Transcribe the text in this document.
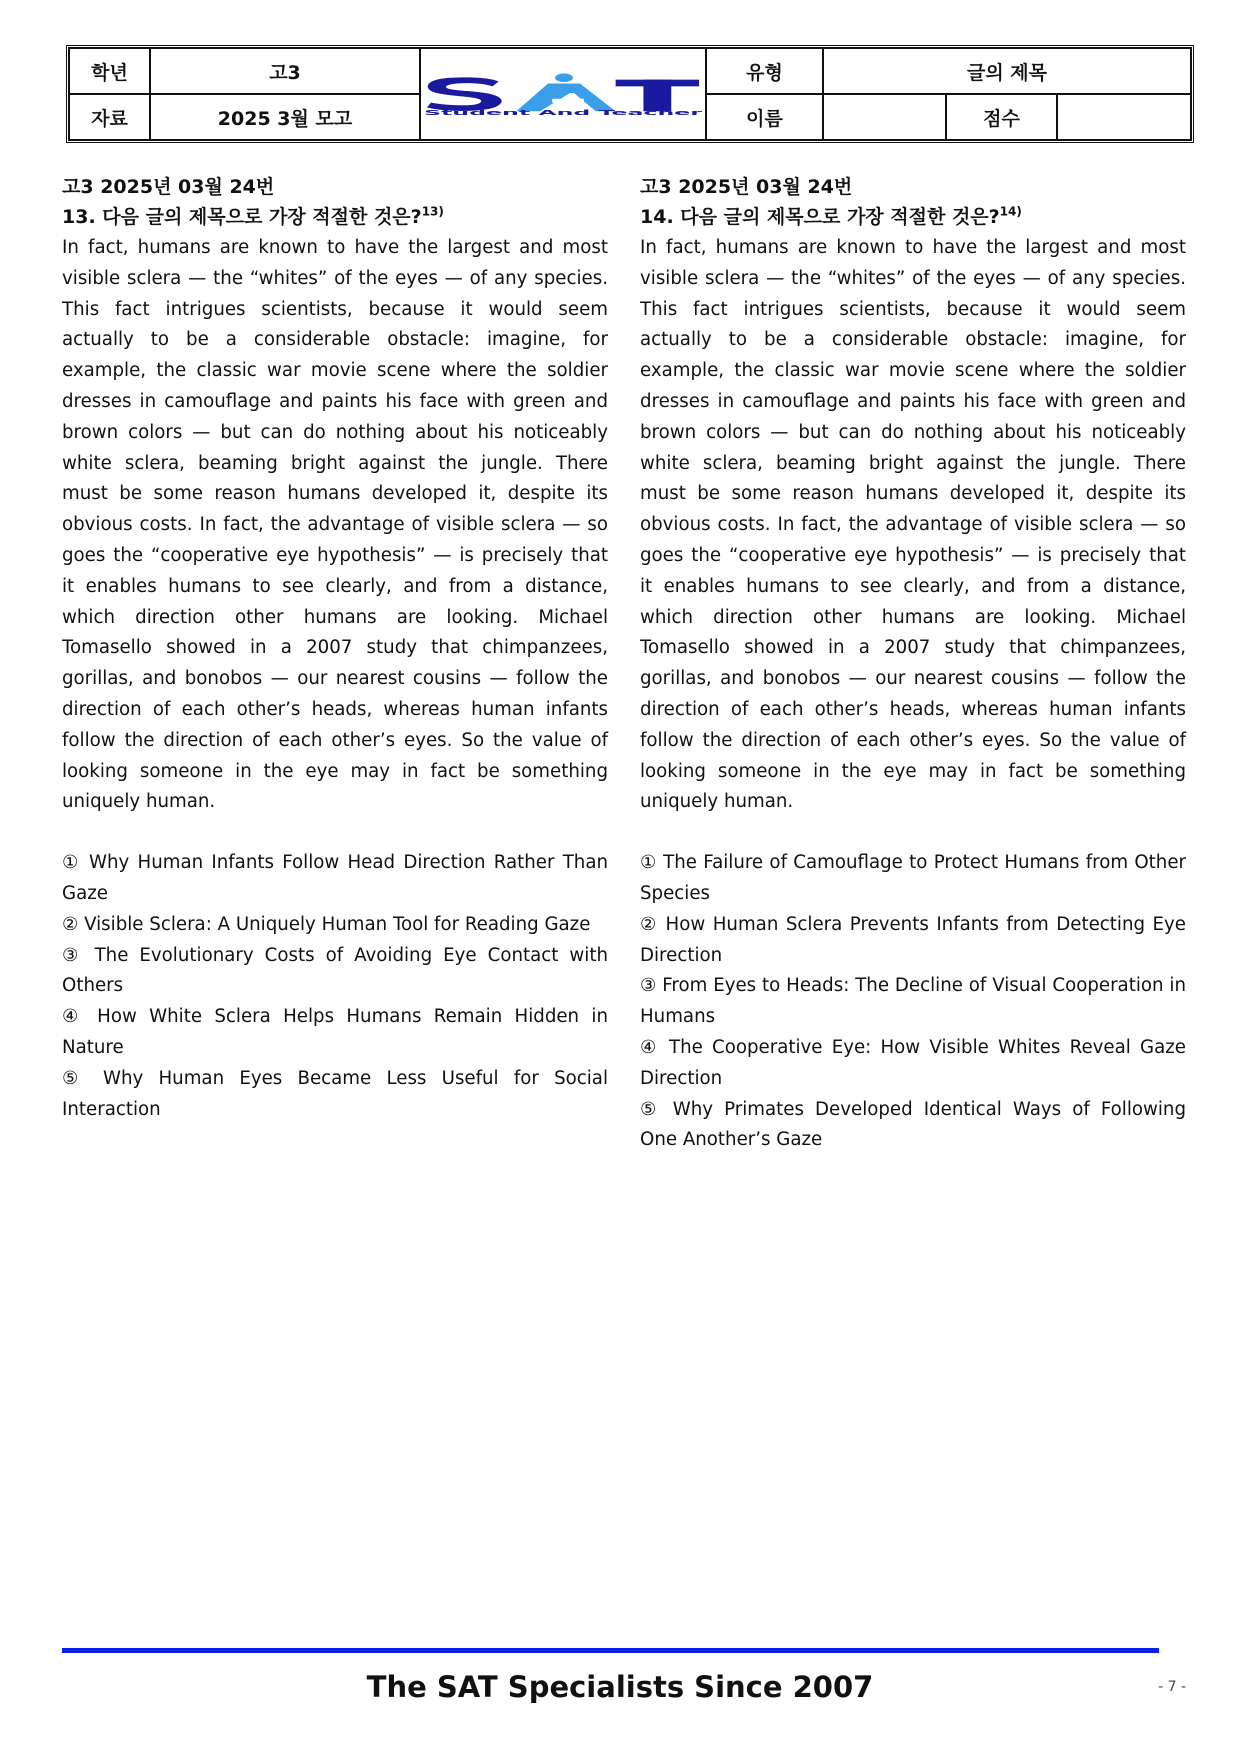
학년	고3	Student And Teacher	유형	글의 제목		
자료	2025 3월 모고		이름		점수	
고3 2025년 03월 24번
13. 다음 글의 제목으로 가장 적절한 것은?$^{13)}$
In fact, humans are known to have the largest and most visible sclera — the “whites” of the eyes — of any species. This fact intrigues scientists, because it would seem actually to be a considerable obstacle: imagine, for example, the classic war movie scene where the soldier dresses in camouflage and paints his face with green and brown colors — but can do nothing about his noticeably white sclera, beaming bright against the jungle. There must be some reason humans developed it, despite its obvious costs. In fact, the advantage of visible sclera — so goes the “cooperative eye hypothesis” — is precisely that it enables humans to see clearly, and from a distance, which direction other humans are looking. Michael Tomasello showed in a 2007 study that chimpanzees, gorillas, and bonobos — our nearest cousins — follow the direction of each other’s heads, whereas human infants follow the direction of each other’s eyes. So the value of looking someone in the eye may in fact be something uniquely human.
① Why Human Infants Follow Head Direction Rather Than Gaze
② Visible Sclera: A Uniquely Human Tool for Reading Gaze
③ The Evolutionary Costs of Avoiding Eye Contact with Others
④ How White Sclera Helps Humans Remain Hidden in Nature
⑤ Why Human Eyes Became Less Useful for Social Interaction
고3 2025년 03월 24번
14. 다음 글의 제목으로 가장 적절한 것은?$^{14)}$
In fact, humans are known to have the largest and most visible sclera — the “whites” of the eyes — of any species. This fact intrigues scientists, because it would seem actually to be a considerable obstacle: imagine, for example, the classic war movie scene where the soldier dresses in camouflage and paints his face with green and brown colors — but can do nothing about his noticeably white sclera, beaming bright against the jungle. There must be some reason humans developed it, despite its obvious costs. In fact, the advantage of visible sclera — so goes the “cooperative eye hypothesis” — is precisely that it enables humans to see clearly, and from a distance, which direction other humans are looking. Michael Tomasello showed in a 2007 study that chimpanzees, gorillas, and bonobos — our nearest cousins — follow the direction of each other’s heads, whereas human infants follow the direction of each other’s eyes. So the value of looking someone in the eye may in fact be something uniquely human.
① The Failure of Camouflage to Protect Humans from Other Species
② How Human Sclera Prevents Infants from Detecting Eye Direction
③ From Eyes to Heads: The Decline of Visual Cooperation in Humans
④ The Cooperative Eye: How Visible Whites Reveal Gaze Direction
⑤ Why Primates Developed Identical Ways of Following One Another’s Gaze
The SAT Specialists Since 2007	- 7 -
